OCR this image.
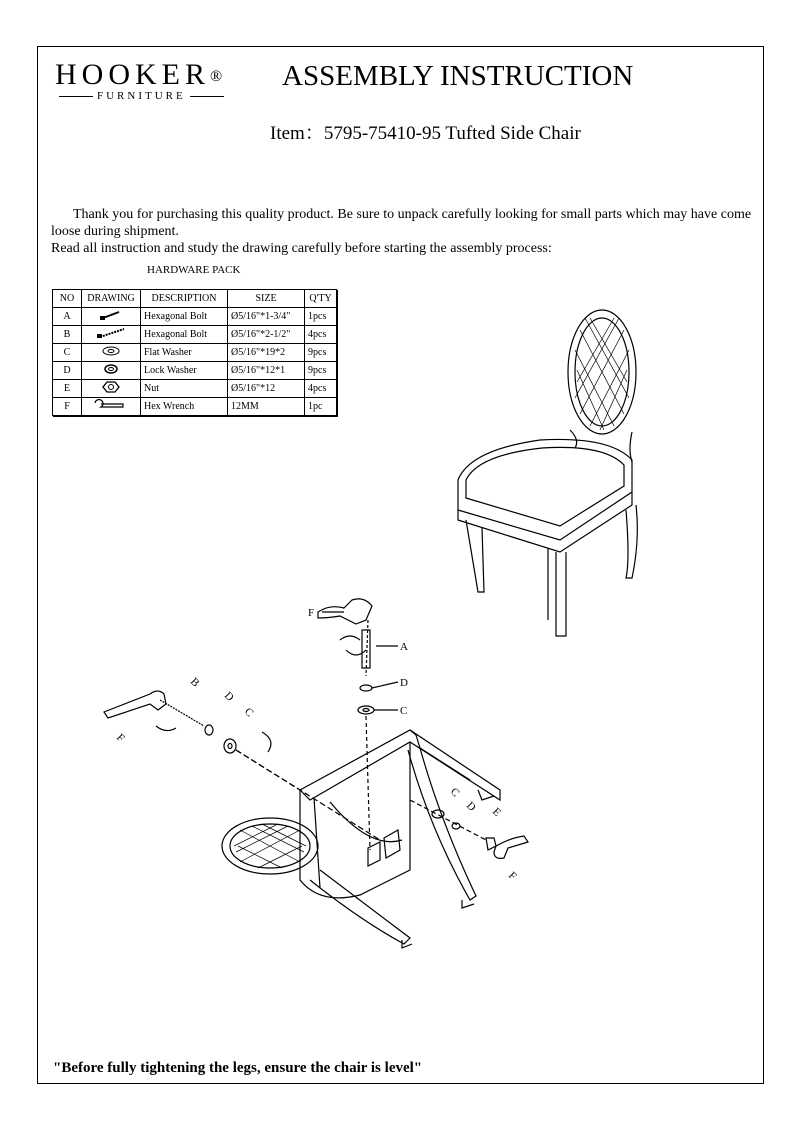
HOOKER®
FURNITURE
ASSEMBLY INSTRUCTION
Item：5795-75410-95 Tufted Side Chair

Thank you for purchasing this quality product. Be sure to unpack carefully looking for small parts which may have come loose during shipment.

Read all instruction and study the drawing carefully before starting the assembly process:

HARDWARE PACK
NO	DRAWING	DESCRIPTION	SIZE	Q'TY
A		Hexagonal Bolt	Ø5/16"*1-3/4"	1pcs
B		Hexagonal Bolt	Ø5/16"*2-1/2"	4pcs
C		Flat Washer	Ø5/16"*19*2	9pcs
D		Lock Washer	Ø5/16"*12*1	9pcs
E		Nut	Ø5/16"*12	4pcs
F		Hex Wrench	12MM	1pc
F
A
D
C
B
D
C
F
C
D E
F
"Before fully tightening the legs, ensure the chair is level"
